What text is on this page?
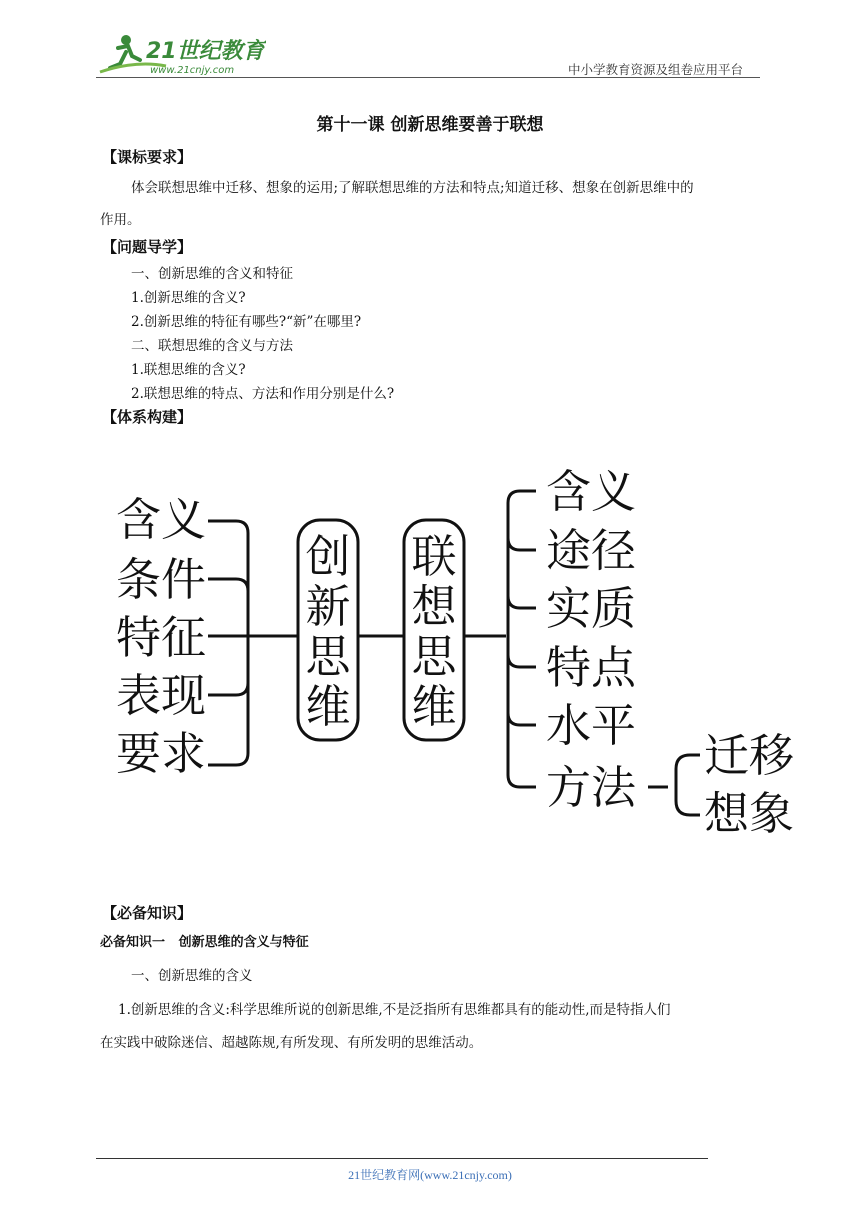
21世纪教育
www.21cnjy.com	中小学教育资源及组卷应用平台
第十一课 创新思维要善于联想
【课标要求】
体会联想思维中迁移、想象的运用;了解联想思维的方法和特点;知道迁移、想象在创新思维中的
作用。
【问题导学】
一、创新思维的含义和特征
1.创新思维的含义?
2.创新思维的特征有哪些?“新”在哪里?
二、联想思维的含义与方法
1.联想思维的含义?
2.联想思维的特点、方法和作用分别是什么?
【体系构建】
含义
条件
特征
表现
要求
创
新
思
维
联
想
思
维
含义
途径
实质
特点
水平
方法
迁移
想象
【必备知识】
必备知识一   创新思维的含义与特征
一、创新思维的含义
1.创新思维的含义:科学思维所说的创新思维,不是泛指所有思维都具有的能动性,而是特指人们
在实践中破除迷信、超越陈规,有所发现、有所发明的思维活动。
21世纪教育网(www.21cnjy.com)
